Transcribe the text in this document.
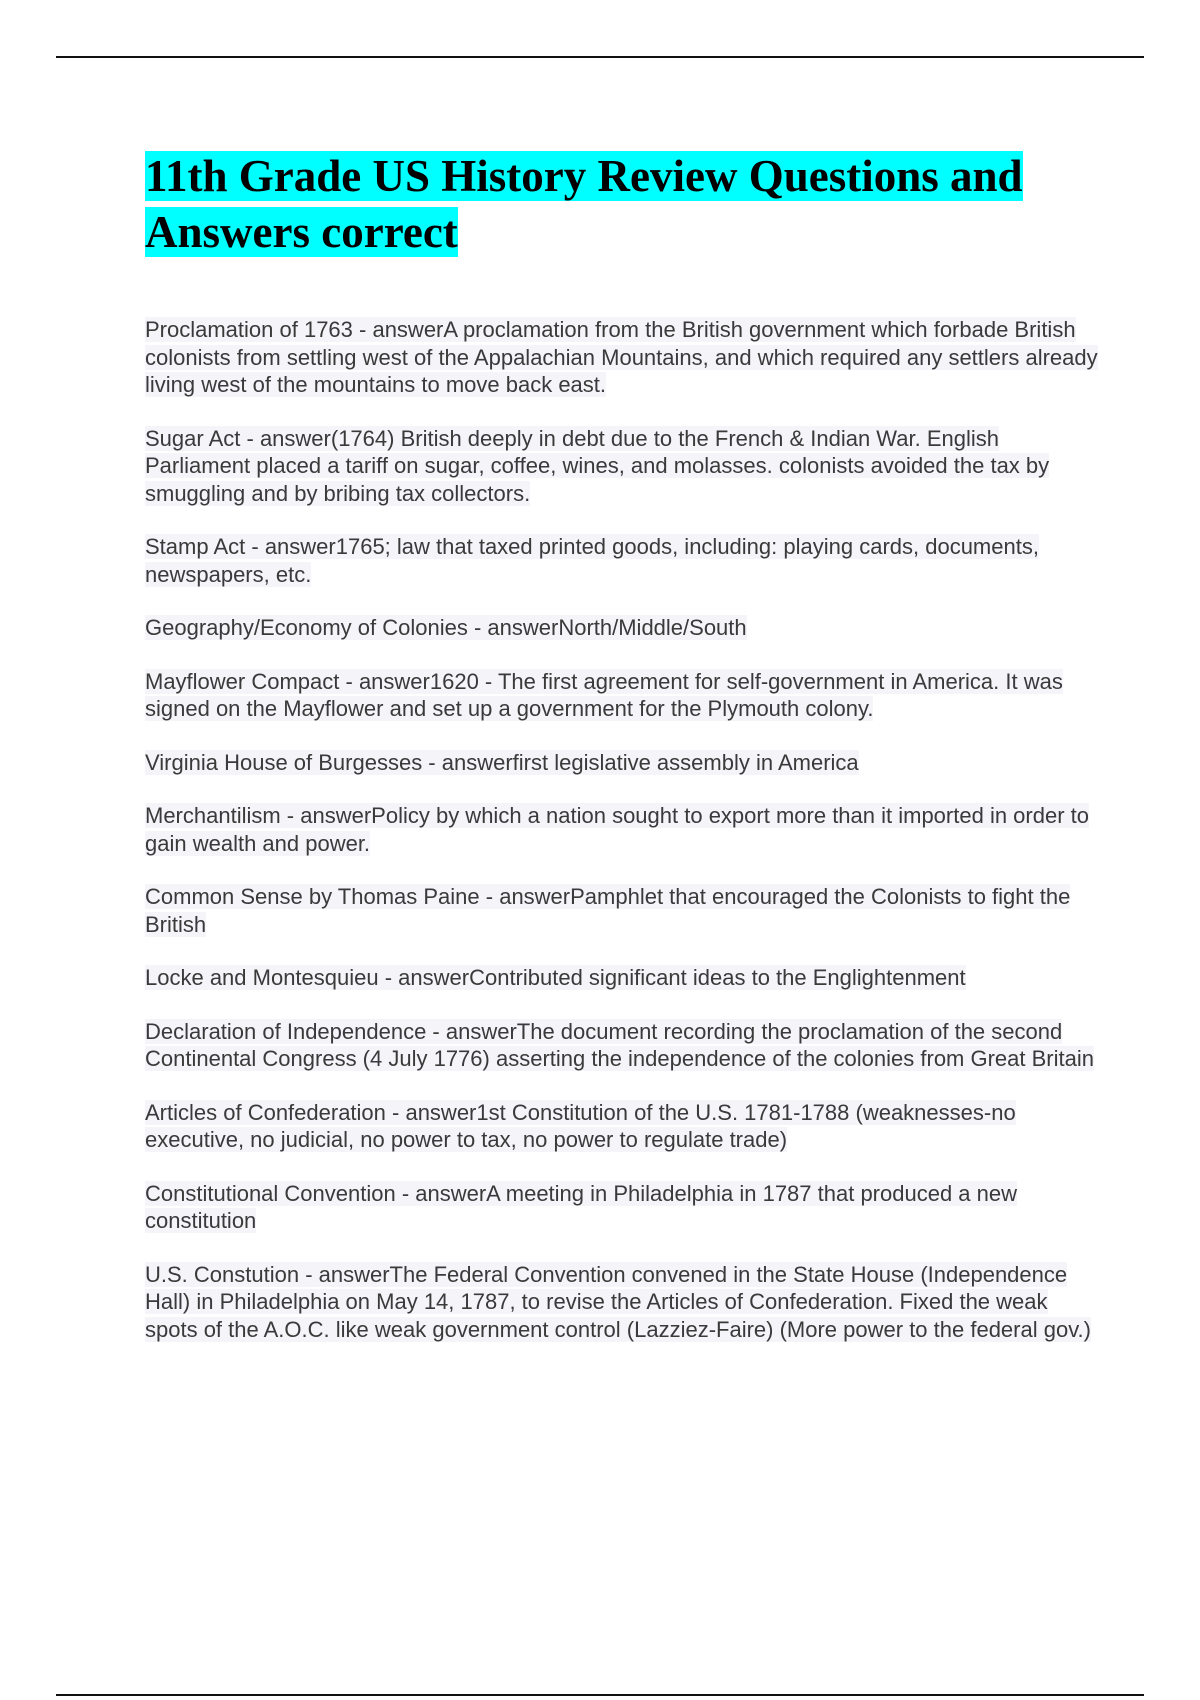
11th Grade US History Review Questions and Answers correct

Proclamation of 1763 - answerA proclamation from the British government which forbade British colonists from settling west of the Appalachian Mountains, and which required any settlers already living west of the mountains to move back east.

Sugar Act - answer(1764) British deeply in debt due to the French & Indian War. English Parliament placed a tariff on sugar, coffee, wines, and molasses. colonists avoided the tax by smuggling and by bribing tax collectors.

Stamp Act - answer1765; law that taxed printed goods, including: playing cards, documents, newspapers, etc.

Geography/Economy of Colonies - answerNorth/Middle/South

Mayflower Compact - answer1620 - The first agreement for self-government in America. It was signed on the Mayflower and set up a government for the Plymouth colony.

Virginia House of Burgesses - answerfirst legislative assembly in America

Merchantilism - answerPolicy by which a nation sought to export more than it imported in order to gain wealth and power.

Common Sense by Thomas Paine - answerPamphlet that encouraged the Colonists to fight the British

Locke and Montesquieu - answerContributed significant ideas to the Englightenment

Declaration of Independence - answerThe document recording the proclamation of the second Continental Congress (4 July 1776) asserting the independence of the colonies from Great Britain

Articles of Confederation - answer1st Constitution of the U.S. 1781-1788 (weaknesses-no executive, no judicial, no power to tax, no power to regulate trade)

Constitutional Convention - answerA meeting in Philadelphia in 1787 that produced a new constitution

U.S. Constution - answerThe Federal Convention convened in the State House (Independence Hall) in Philadelphia on May 14, 1787, to revise the Articles of Confederation. Fixed the weak spots of the A.O.C. like weak government control (Lazziez-Faire) (More power to the federal gov.)
